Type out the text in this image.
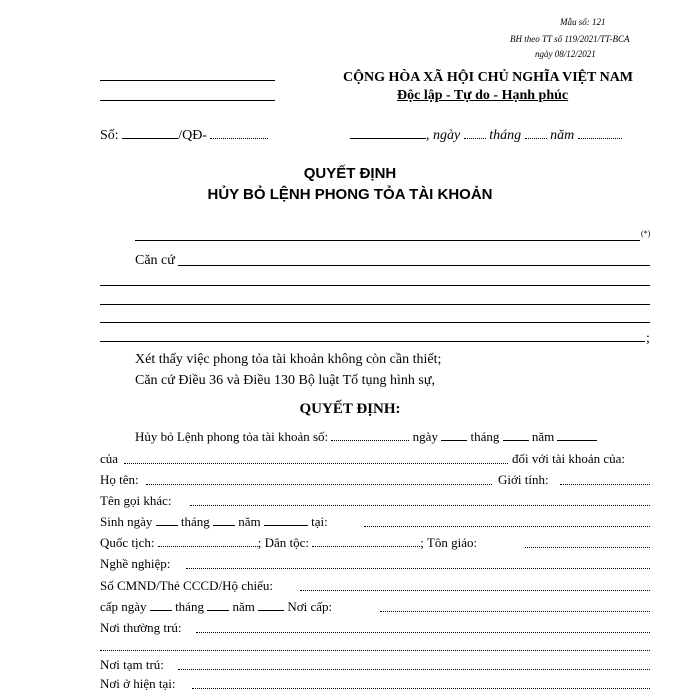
Mẫu số: 121
BH theo TT số 119/2021/TT-BCA
ngày 08/12/2021
CỘNG HÒA XÃ HỘI CHỦ NGHĨA VIỆT NAM
Độc lập - Tự do - Hạnh phúc
Số:	/QĐ-	, ngày tháng năm
QUYẾT ĐỊNH
HỦY BỎ LỆNH PHONG TỎA TÀI KHOẢN
(*)
Căn cứ
;
Xét thấy việc phong tỏa tài khoản không còn cần thiết;
Căn cứ Điều 36 và Điều 130 Bộ luật Tố tụng hình sự,
QUYẾT ĐỊNH:
Hủy bỏ Lệnh phong tỏa tài khoản số:	ngày	tháng	năm
của	đối với tài khoản của:
Họ tên:	Giới tính:
Tên gọi khác:
Sinh ngày tháng năm	tại:
Quốc tịch:	; Dân tộc:	; Tôn giáo:
Nghề nghiệp:
Số CMND/Thẻ CCCD/Hộ chiếu:
cấp ngày tháng năm	Nơi cấp:
Nơi thường trú:
Nơi tạm trú:
Nơi ở hiện tại:
